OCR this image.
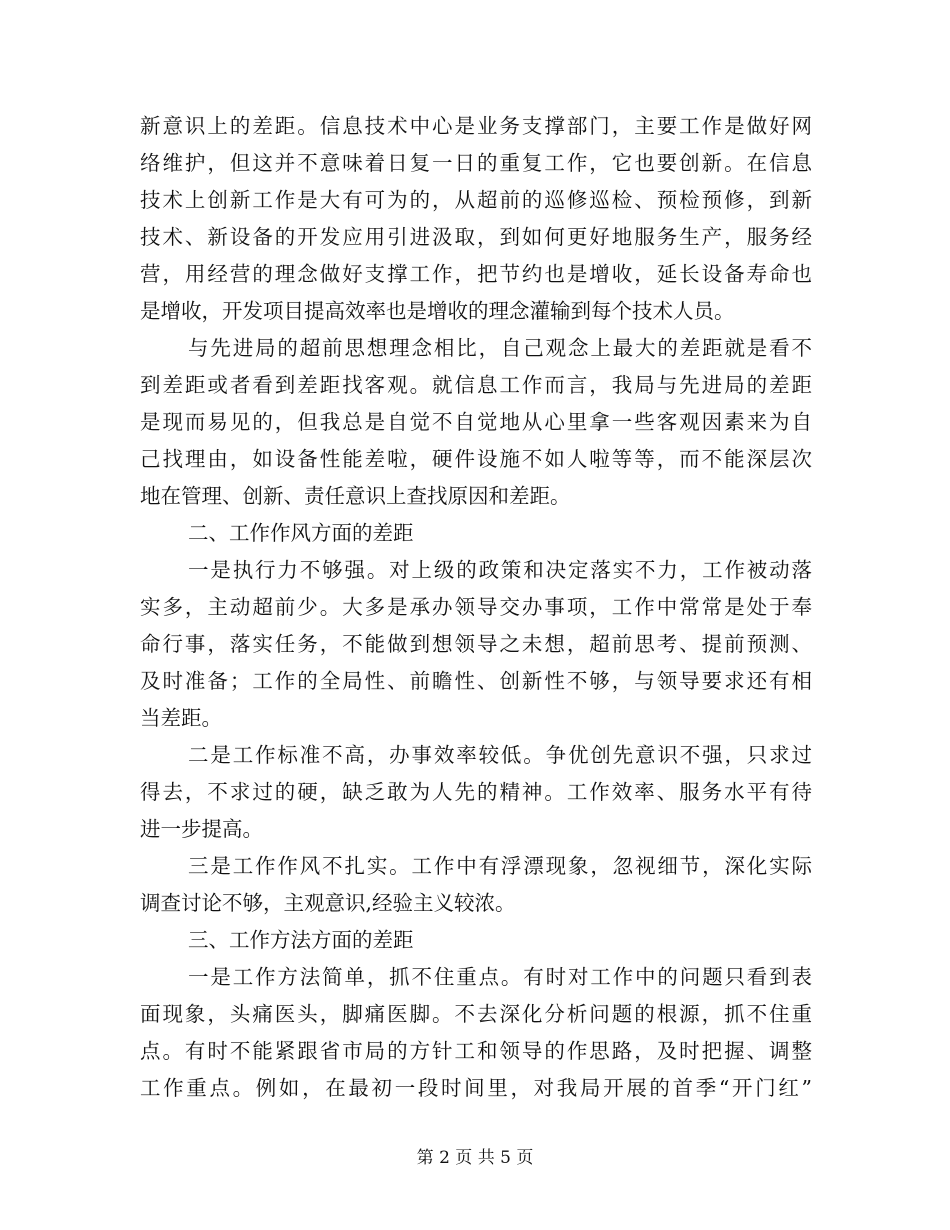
新意识上的差距。信息技术中心是业务支撑部门，主要工作是做好网
络维护，但这并不意味着日复一日的重复工作，它也要创新。在信息
技术上创新工作是大有可为的，从超前的巡修巡检、预检预修，到新
技术、新设备的开发应用引进汲取，到如何更好地服务生产，服务经
营，用经营的理念做好支撑工作，把节约也是增收，延长设备寿命也
是增收，开发项目提高效率也是增收的理念灌输到每个技术人员。
与先进局的超前思想理念相比，自己观念上最大的差距就是看不
到差距或者看到差距找客观。就信息工作而言，我局与先进局的差距
是现而易见的，但我总是自觉不自觉地从心里拿一些客观因素来为自
己找理由，如设备性能差啦，硬件设施不如人啦等等，而不能深层次
地在管理、创新、责任意识上查找原因和差距。
二、工作作风方面的差距
一是执行力不够强。对上级的政策和决定落实不力，工作被动落
实多，主动超前少。大多是承办领导交办事项，工作中常常是处于奉
命行事，落实任务，不能做到想领导之未想，超前思考、提前预测、
及时准备；工作的全局性、前瞻性、创新性不够，与领导要求还有相
当差距。
二是工作标准不高，办事效率较低。争优创先意识不强，只求过
得去，不求过的硬，缺乏敢为人先的精神。工作效率、服务水平有待
进一步提高。
三是工作作风不扎实。工作中有浮漂现象，忽视细节，深化实际
调查讨论不够，主观意识,经验主义较浓。
三、工作方法方面的差距
一是工作方法简单，抓不住重点。有时对工作中的问题只看到表
面现象，头痛医头，脚痛医脚。不去深化分析问题的根源，抓不住重
点。有时不能紧跟省市局的方针工和领导的作思路，及时把握、调整
工作重点。例如，在最初一段时间里，对我局开展的首季“开门红”
第 2 页 共 5 页
